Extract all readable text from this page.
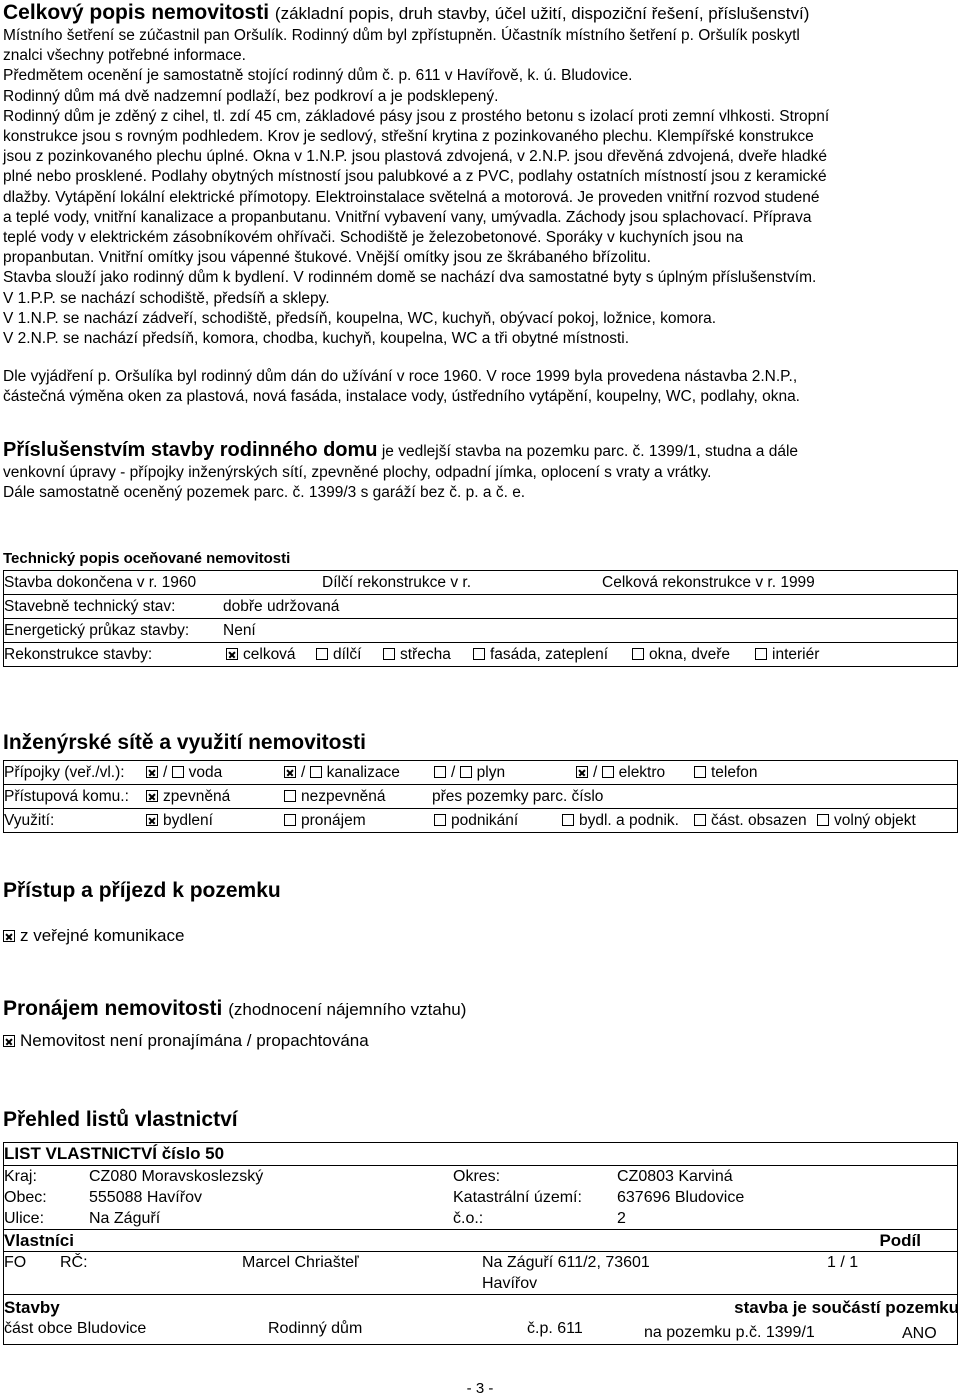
Celkový popis nemovitosti (základní popis, druh stavby, účel užití, dispoziční řešení, příslušenství)

Místního šetření se zúčastnil pan Oršulík. Rodinný dům byl zpřístupněn. Účastník místního šetření p. Oršulík poskytl

znalci všechny potřebné informace.

Předmětem ocenění je samostatně stojící rodinný dům č. p. 611 v Havířově, k. ú. Bludovice.

Rodinný dům má dvě nadzemní podlaží, bez podkroví a je podsklepený.

Rodinný dům je zděný z cihel, tl. zdí 45 cm, základové pásy jsou z prostého betonu s izolací proti zemní vlhkosti. Stropní

konstrukce jsou s rovným podhledem. Krov je sedlový, střešní krytina z pozinkovaného plechu. Klempířské konstrukce

jsou z pozinkovaného plechu úplné. Okna v 1.N.P. jsou plastová zdvojená, v 2.N.P. jsou dřevěná zdvojená, dveře hladké

plné nebo prosklené. Podlahy obytných místností jsou palubkové a z PVC, podlahy ostatních místností jsou z keramické

dlažby. Vytápění lokální elektrické přímotopy. Elektroinstalace světelná a motorová. Je proveden vnitřní rozvod studené

a teplé vody, vnitřní kanalizace a propanbutanu. Vnitřní vybavení vany, umývadla. Záchody jsou splachovací. Příprava

teplé vody v elektrickém zásobníkovém ohřívači. Schodiště je železobetonové. Sporáky v kuchyních jsou na

propanbutan. Vnitřní omítky jsou vápenné štukové. Vnější omítky jsou ze škrábaného břízolitu.

Stavba slouží jako rodinný dům k bydlení. V rodinném domě se nachází dva samostatné byty s úplným příslušenstvím.

V 1.P.P. se nachází schodiště, předsíň a sklepy.

V 1.N.P. se nachází zádveří, schodiště, předsíň, koupelna, WC, kuchyň, obývací pokoj, ložnice, komora.

V 2.N.P. se nachází předsíň, komora, chodba, kuchyň, koupelna, WC a tři obytné místnosti.

Dle vyjádření p. Oršulíka byl rodinný dům dán do užívání v roce 1960. V roce 1999 byla provedena nástavba 2.N.P.,

částečná výměna oken za plastová, nová fasáda, instalace vody, ústředního vytápění, koupelny, WC, podlahy, okna.

Příslušenstvím stavby rodinného domu je vedlejší stavba na pozemku parc. č. 1399/1, studna a dále

venkovní úpravy - přípojky inženýrských sítí, zpevněné plochy, odpadní jímka, oplocení s vraty a vrátky.

Dále samostatně oceněný pozemek parc. č. 1399/3 s garáží bez č. p. a č. e.

Technický popis oceňované nemovitosti
Stavba dokončena v r. 1960	Dílčí rekonstrukce v r.	Celková rekonstrukce v r. 1999
Stavebně technický stav:	dobře udržovaná
Energetický průkaz stavby: Není
Rekonstrukce stavby:	celková	dílčí	střecha	fasáda, zateplení	okna, dveře	interiér
Inženýrské sítě a využití nemovitosti
Přípojky (veř./vl.):	/ voda	/ kanalizace	/ plyn	/ elektro	telefon
Přístupová komu.:	zpevněná	nezpevněná	přes pozemky parc. číslo
Využití:	bydlení	pronájem	podnikání	bydl. a podnik.	část. obsazen	volný objekt
Přístup a příjezd k pozemku
z veřejné komunikace
Pronájem nemovitosti (zhodnocení nájemního vztahu)
Nemovitost není pronajímána / propachtována
Přehled listů vlastnictví
LIST VLASTNICTVÍ číslo 50
Kraj:	CZ080 Moravskoslezský	Okres:	CZ0803 Karviná
Obec:	555088 Havířov	Katastrální území: 637696 Bludovice
Ulice:	Na Záguří	č.o.:	2
Vlastníci	Podíl
FO RČ:	Marcel Chriašteľ	Na Záguří 611/2, 73601	1 / 1
Havířov
Stavby	stavba je součástí pozemku
část obce Bludovice	Rodinný dům	č.p. 611	na pozemku p.č. 1399/1	ANO
- 3 -
